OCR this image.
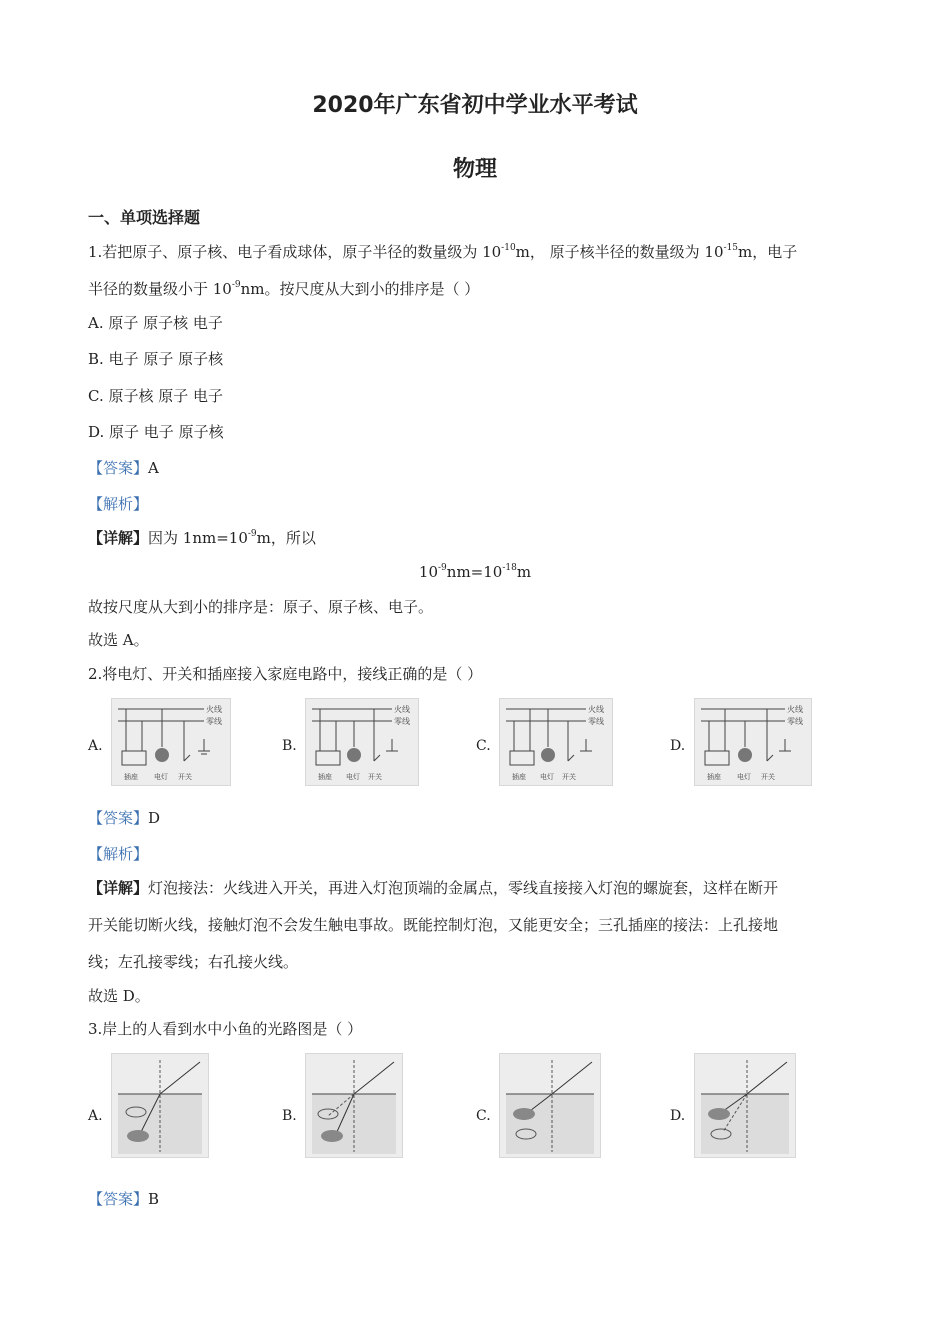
2020年广东省初中学业水平考试
物理
一、单项选择题
1.若把原子、原子核、电子看成球体，原子半径的数量级为 $10^{-10}m$， 原子核半径的数量级为 $10^{-15}m$，电子
半径的数量级小于 $10^{-9}nm$。按尺度从大到小的排序是（ ）
A. 原子 原子核 电子
B. 电子 原子 原子核
C. 原子核 原子 电子
D. 原子 电子 原子核
【答案】A
【解析】
【详解】因为 $1nm=10^{-9}m$，所以
$10^{-9}nm=10^{-18}m$
故按尺度从大到小的排序是：原子、原子核、电子。
故选 A。
2.将电灯、开关和插座接入家庭电路中，接线正确的是（ ）
A.	B.	C.	D.
火线
零线
插座 电灯 开关
火线
零线
插座 电灯 开关
火线
零线
插座 电灯 开关
火线
零线
插座 电灯 开关
【答案】D
【解析】
【详解】灯泡接法：火线进入开关，再进入灯泡顶端的金属点，零线直接接入灯泡的螺旋套，这样在断开
开关能切断火线，接触灯泡不会发生触电事故。既能控制灯泡，又能更安全；三孔插座的接法：上孔接地
线；左孔接零线；右孔接火线。
故选 D。
3.岸上的人看到水中小鱼的光路图是（ ）
A.	B.	C.	D.
【答案】B
